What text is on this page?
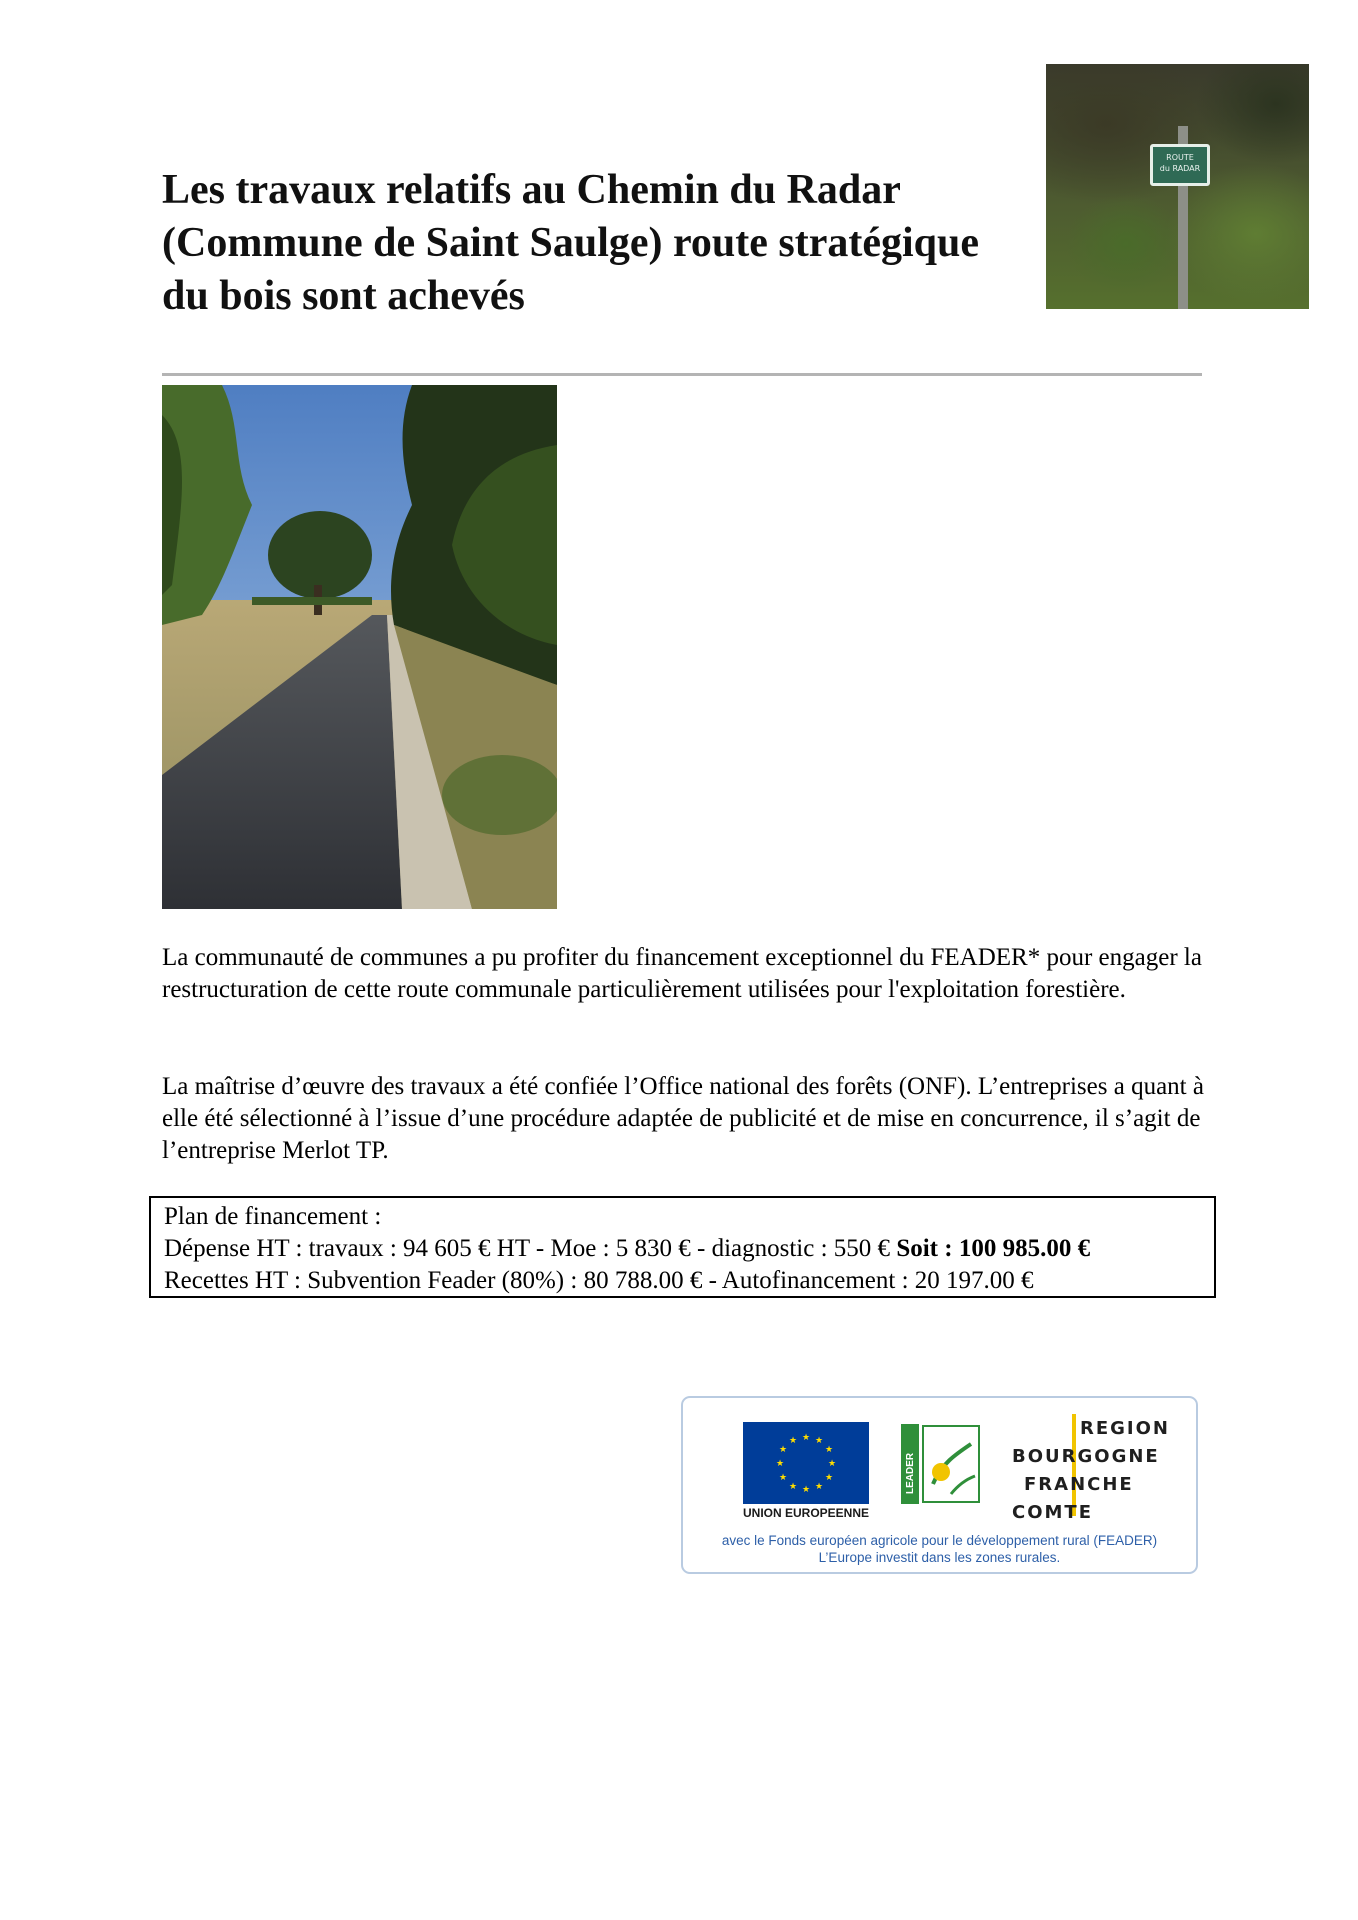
Les travaux relatifs au Chemin du Radar (Commune de Saint Saulge) route stratégique du bois sont achevés
ROUTE
du RADAR
La communauté de communes a pu profiter du financement exceptionnel du FEADER* pour engager la restructuration de cette route communale particulièrement utilisées pour l'exploitation forestière.
La maîtrise d’œuvre des travaux a été confiée l’Office national des forêts (ONF). L’entreprises a quant à elle été sélectionné à l’issue d’une procédure adaptée de publicité et de mise en concurrence, il s’agit de l’entreprise Merlot TP.
Plan de financement :
Dépense HT : travaux : 94 605 € HT - Moe : 5 830 € - diagnostic : 550 € Soit : 100 985.00 €
Recettes HT : Subvention Feader (80%) : 80 788.00 € - Autofinancement : 20 197.00 €
★ ★
★
★
★
★
★
★
★
★
★
★
UNION EUROPEENNE
LEADER
REGION
BOURGOGNE
FRANCHE
COMTE
avec le Fonds européen agricole pour le développement rural (FEADER)
L’Europe investit dans les zones rurales.
